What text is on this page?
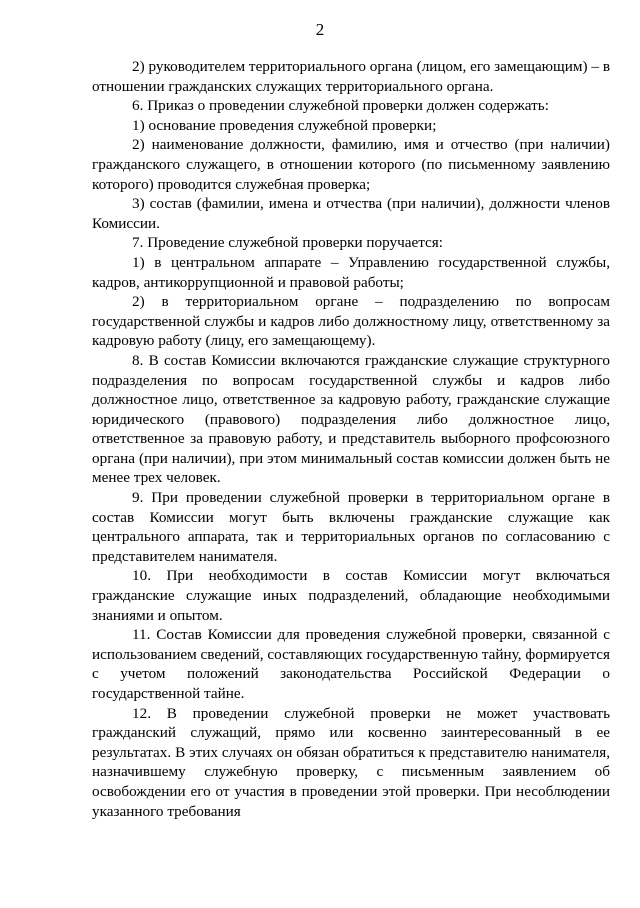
2

2) руководителем территориального органа (лицом, его замещающим) – в отношении гражданских служащих территориального органа.

6. Приказ о проведении служебной проверки должен содержать:

1) основание проведения служебной проверки;

2) наименование должности, фамилию, имя и отчество (при наличии) гражданского служащего, в отношении которого (по письменному заявлению которого) проводится служебная проверка;

3) состав (фамилии, имена и отчества (при наличии), должности членов Комиссии.

7. Проведение служебной проверки поручается:

1) в центральном аппарате – Управлению государственной службы, кадров, антикоррупционной и правовой работы;

2) в территориальном органе – подразделению по вопросам государственной службы и кадров либо должностному лицу, ответственному за кадровую работу (лицу, его замещающему).

8. В состав Комиссии включаются гражданские служащие структурного подразделения по вопросам государственной службы и кадров либо должностное лицо, ответственное за кадровую работу, гражданские служащие юридического (правового) подразделения либо должностное лицо, ответственное за правовую работу, и представитель выборного профсоюзного органа (при наличии), при этом минимальный состав комиссии должен быть не менее трех человек.

9. При проведении служебной проверки в территориальном органе в состав Комиссии могут быть включены гражданские служащие как центрального аппарата, так и территориальных органов по согласованию с представителем нанимателя.

10. При необходимости в состав Комиссии могут включаться гражданские служащие иных подразделений, обладающие необходимыми знаниями и опытом.

11. Состав Комиссии для проведения служебной проверки, связанной с использованием сведений, составляющих государственную тайну, формируется с учетом положений законодательства Российской Федерации о государственной тайне.

12. В проведении служебной проверки не может участвовать гражданский служащий, прямо или косвенно заинтересованный в ее результатах. В этих случаях он обязан обратиться к представителю нанимателя, назначившему служебную проверку, с письменным заявлением об освобождении его от участия в проведении этой проверки. При несоблюдении указанного требования
